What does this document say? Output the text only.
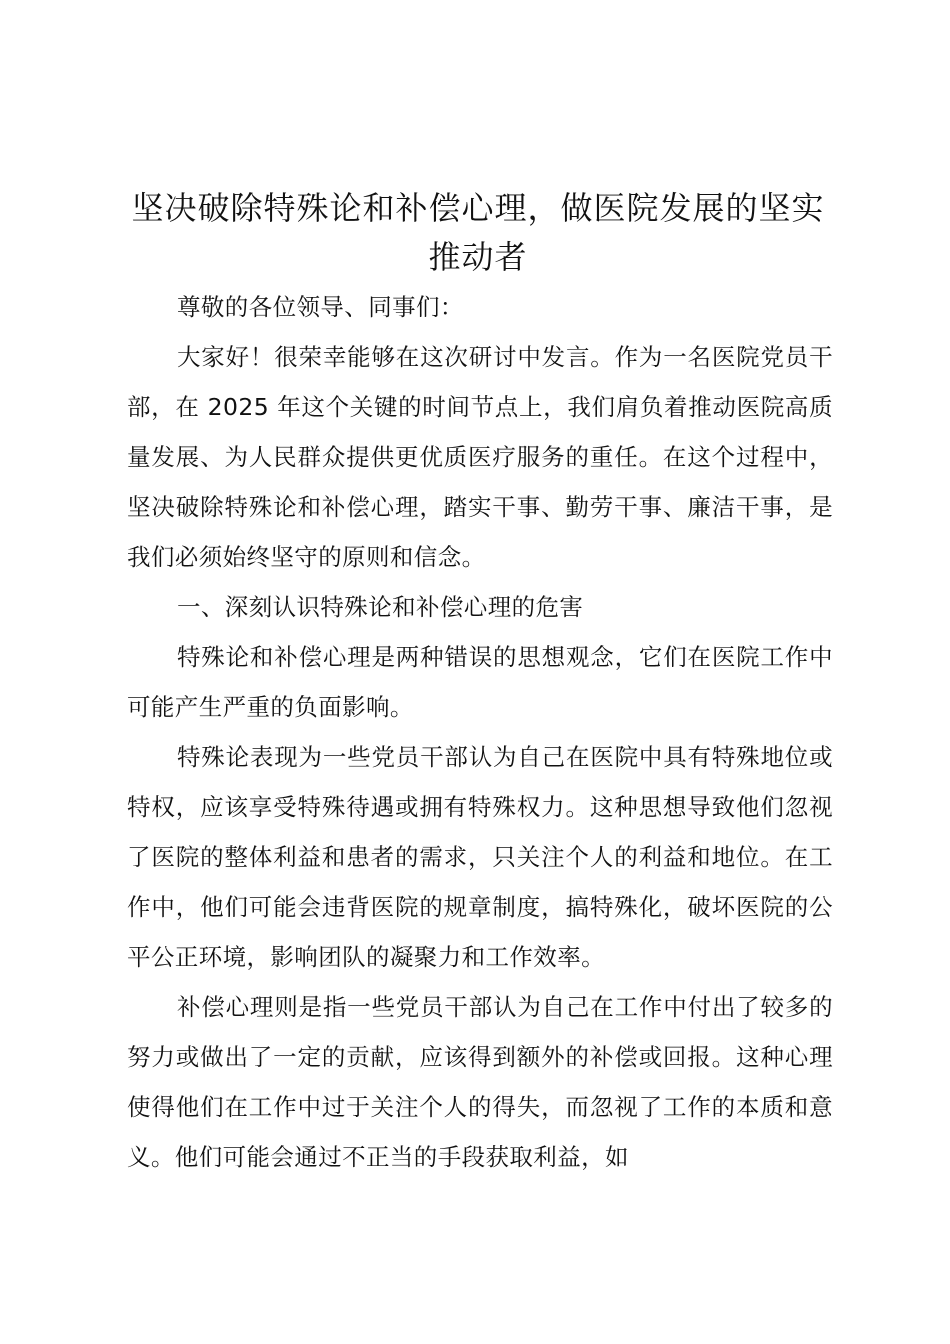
坚决破除特殊论和补偿心理，做医院发展的坚实推动者

尊敬的各位领导、同事们：

大家好！很荣幸能够在这次研讨中发言。作为一名医院党员干部，在 2025 年这个关键的时间节点上，我们肩负着推动医院高质量发展、为人民群众提供更优质医疗服务的重任。在这个过程中，坚决破除特殊论和补偿心理，踏实干事、勤劳干事、廉洁干事，是我们必须始终坚守的原则和信念。

一、深刻认识特殊论和补偿心理的危害

特殊论和补偿心理是两种错误的思想观念，它们在医院工作中可能产生严重的负面影响。

特殊论表现为一些党员干部认为自己在医院中具有特殊地位或特权，应该享受特殊待遇或拥有特殊权力。这种思想导致他们忽视了医院的整体利益和患者的需求，只关注个人的利益和地位。在工作中，他们可能会违背医院的规章制度，搞特殊化，破坏医院的公平公正环境，影响团队的凝聚力和工作效率。

补偿心理则是指一些党员干部认为自己在工作中付出了较多的努力或做出了一定的贡献，应该得到额外的补偿或回报。这种心理使得他们在工作中过于关注个人的得失，而忽视了工作的本质和意义。他们可能会通过不正当的手段获取利益，如
